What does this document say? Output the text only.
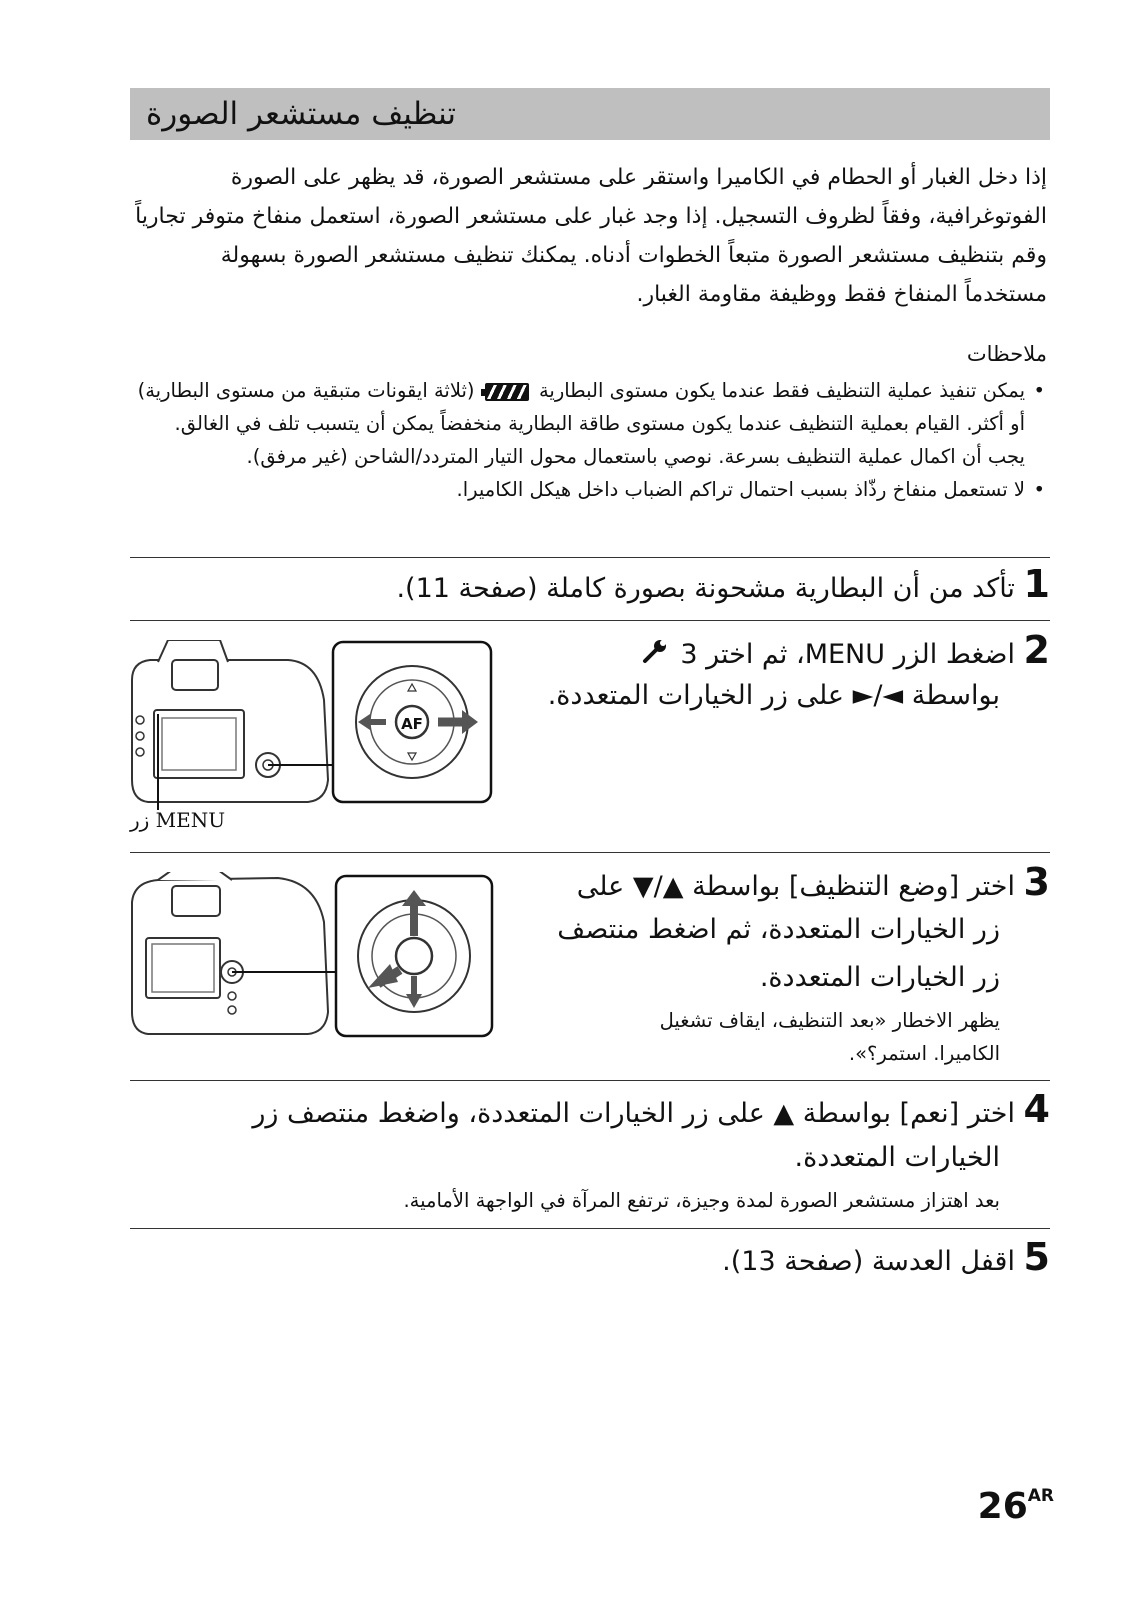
تنظيف مستشعر الصورة
إذا دخل الغبار أو الحطام في الكاميرا واستقر على مستشعر الصورة، قد يظهر على الصورة الفوتوغرافية، وفقاً لظروف التسجيل. إذا وجد غبار على مستشعر الصورة، استعمل منفاخ متوفر تجارياً وقم بتنظيف مستشعر الصورة متبعاً الخطوات أدناه. يمكنك تنظيف مستشعر الصورة بسهولة مستخدماً المنفاخ فقط ووظيفة مقاومة الغبار.
ملاحظات
• يمكن تنفيذ عملية التنظيف فقط عندما يكون مستوى البطارية  (ثلاثة ايقونات متبقية من مستوى البطارية) أو أكثر. القيام بعملية التنظيف عندما يكون مستوى طاقة البطارية منخفضاً يمكن أن يتسبب تلف في الغالق. يجب أن اكمال عملية التنظيف بسرعة. نوصي باستعمال محول التيار المتردد/الشاحن (غير مرفق).
• لا تستعمل منفاخ رذّاذ بسبب احتمال تراكم الضباب داخل هيكل الكاميرا.
1 تأكد من أن البطارية مشحونة بصورة كاملة (صفحة 11).
2 اضغط الزر MENU، ثم اختر 3
بواسطة ◄/► على زر الخيارات المتعددة.
AF
زر MENU
3 اختر [وضع التنظيف] بواسطة ▲/▼ على
زر الخيارات المتعددة، ثم اضغط منتصف
زر الخيارات المتعددة.
يظهر الاخطار «بعد التنظيف، ايقاف تشغيل
الكاميرا. استمر؟».
4 اختر [نعم] بواسطة ▲ على زر الخيارات المتعددة، واضغط منتصف زر
الخيارات المتعددة.
بعد اهتزاز مستشعر الصورة لمدة وجيزة، ترتفع المرآة في الواجهة الأمامية.
5 اقفل العدسة (صفحة 13).
$26^{AR}$
